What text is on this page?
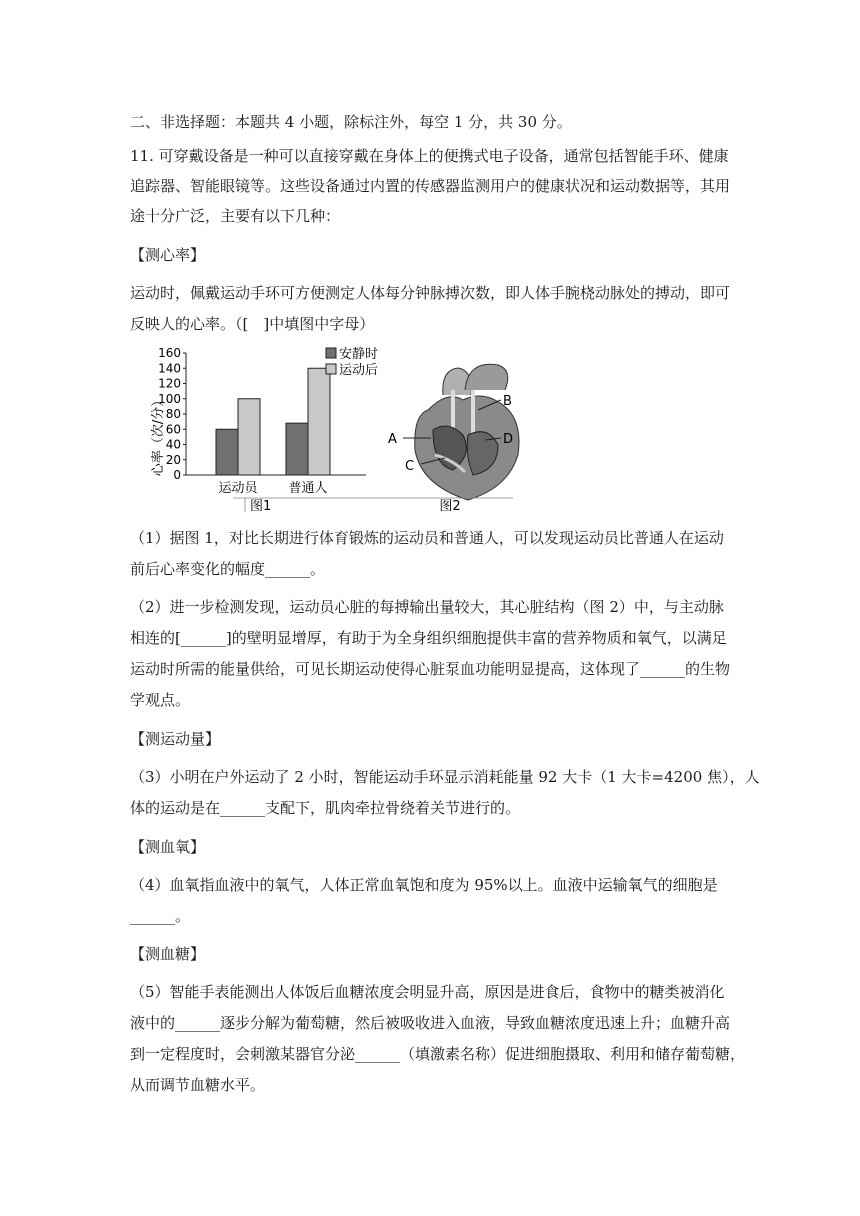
二、非选择题：本题共 4 小题，除标注外，每空 1 分，共 30 分。
11. 可穿戴设备是一种可以直接穿戴在身体上的便携式电子设备，通常包括智能手环、健康
追踪器、智能眼镜等。这些设备通过内置的传感器监测用户的健康状况和运动数据等，其用
途十分广泛，主要有以下几种：
【测心率】
运动时，佩戴运动手环可方便测定人体每分钟脉搏次数，即人体手腕桡动脉处的搏动，即可
反映人的心率。（[　]中填图中字母）
（1）据图 1，对比长期进行体育锻炼的运动员和普通人，可以发现运动员比普通人在运动
前后心率变化的幅度______。
（2）进一步检测发现，运动员心脏的每搏输出量较大，其心脏结构（图 2）中，与主动脉
相连的[______]的壁明显增厚，有助于为全身组织细胞提供丰富的营养物质和氧气，以满足
运动时所需的能量供给，可见长期运动使得心脏泵血功能明显提高，这体现了______的生物
学观点。
【测运动量】
（3）小明在户外运动了 2 小时，智能运动手环显示消耗能量 92 大卡（1 大卡=4200 焦），人
体的运动是在______支配下，肌肉牵拉骨绕着关节进行的。
【测血氧】
（4）血氧指血液中的氧气，人体正常血氧饱和度为 95%以上。血液中运输氧气的细胞是
______。
【测血糖】
（5）智能手表能测出人体饭后血糖浓度会明显升高，原因是进食后，食物中的糖类被消化
液中的______逐步分解为葡萄糖，然后被吸收进入血液，导致血糖浓度迅速上升；血糖升高
到一定程度时，会刺激某器官分泌______（填激素名称）促进细胞摄取、利用和储存葡萄糖，
从而调节血糖水平。
0
20
40
60
80
100
120
140
160
运动员 普通人
安静时
运动后
心率（次/分）
图1
A
B
C
D
图2
